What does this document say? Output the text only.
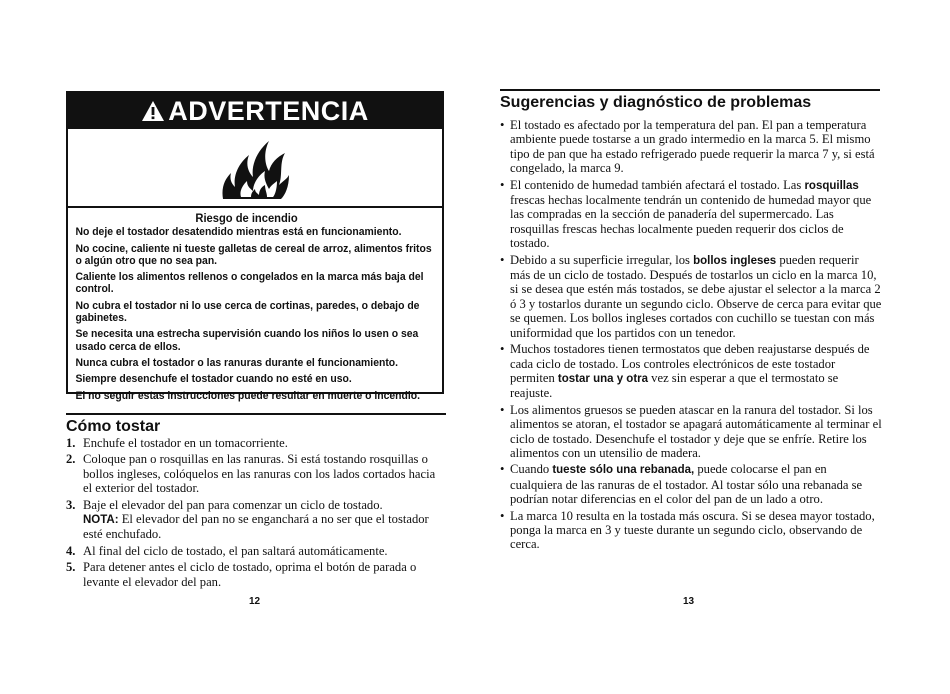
ADVERTENCIA
Riesgo de incendio

No deje el tostador desatendido mientras está en funcionamiento.

No cocine, caliente ni tueste galletas de cereal de arroz, alimentos fritos o algún otro que no sea pan.

Caliente los alimentos rellenos o congelados en la marca más baja del control.

No cubra el tostador ni lo use cerca de cortinas, paredes, o debajo de gabinetes.

Se necesita una estrecha supervisión cuando los niños lo usen o sea usado cerca de ellos.

Nunca cubra el tostador o las ranuras durante el funcionamiento.

Siempre desenchufe el tostador cuando no esté en uso.

El no seguir estas instrucciones puede resultar en muerte o incendio.

Cómo tostar
1. Enchufe el tostador en un tomacorriente.
2. Coloque pan o rosquillas en las ranuras. Si está tostando rosquillas o bollos ingleses, colóquelos en las ranuras con los lados cortados hacia el exterior del tostador.
3. Baje el elevador del pan para comenzar un ciclo de tostado.
NOTA: El elevador del pan no se enganchará a no ser que el tostador esté enchufado.
4. Al final del ciclo de tostado, el pan saltará automáticamente.
5. Para detener antes el ciclo de tostado, oprima el botón de parada o levante el elevador del pan.
Sugerencias y diagnóstico de problemas
• El tostado es afectado por la temperatura del pan. El pan a temperatura ambiente puede tostarse a un grado intermedio en la marca 5. El mismo tipo de pan que ha estado refrigerado puede requerir la marca 7 y, si está congelado, la marca 9.
• El contenido de humedad también afectará el tostado. Las rosquillas frescas hechas localmente tendrán un contenido de humedad mayor que las compradas en la sección de panadería del supermercado. Las rosquillas frescas hechas localmente pueden requerir dos ciclos de tostado.
• Debido a su superficie irregular, los bollos ingleses pueden requerir más de un ciclo de tostado. Después de tostarlos un ciclo en la marca 10, si se desea que estén más tostados, se debe ajustar el selector a la marca 2 ó 3 y tostarlos durante un segundo ciclo. Observe de cerca para evitar que se quemen. Los bollos ingleses cortados con cuchillo se tuestan con más uniformidad que los partidos con un tenedor.
• Muchos tostadores tienen termostatos que deben reajustarse después de cada ciclo de tostado. Los controles electrónicos de este tostador permiten tostar una y otra vez sin esperar a que el termostato se reajuste.
• Los alimentos gruesos se pueden atascar en la ranura del tostador. Si los alimentos se atoran, el tostador se apagará automáticamente al terminar el ciclo de tostado. Desenchufe el tostador y deje que se enfríe. Retire los alimentos con un utensilio de madera.
• Cuando tueste sólo una rebanada, puede colocarse el pan en cualquiera de las ranuras de el tostador. Al tostar sólo una rebanada se podrían notar diferencias en el color del pan de un lado a otro.
• La marca 10 resulta en la tostada más oscura. Si se desea mayor tostado, ponga la marca en 3 y tueste durante un segundo ciclo, observando de cerca.
12	13
